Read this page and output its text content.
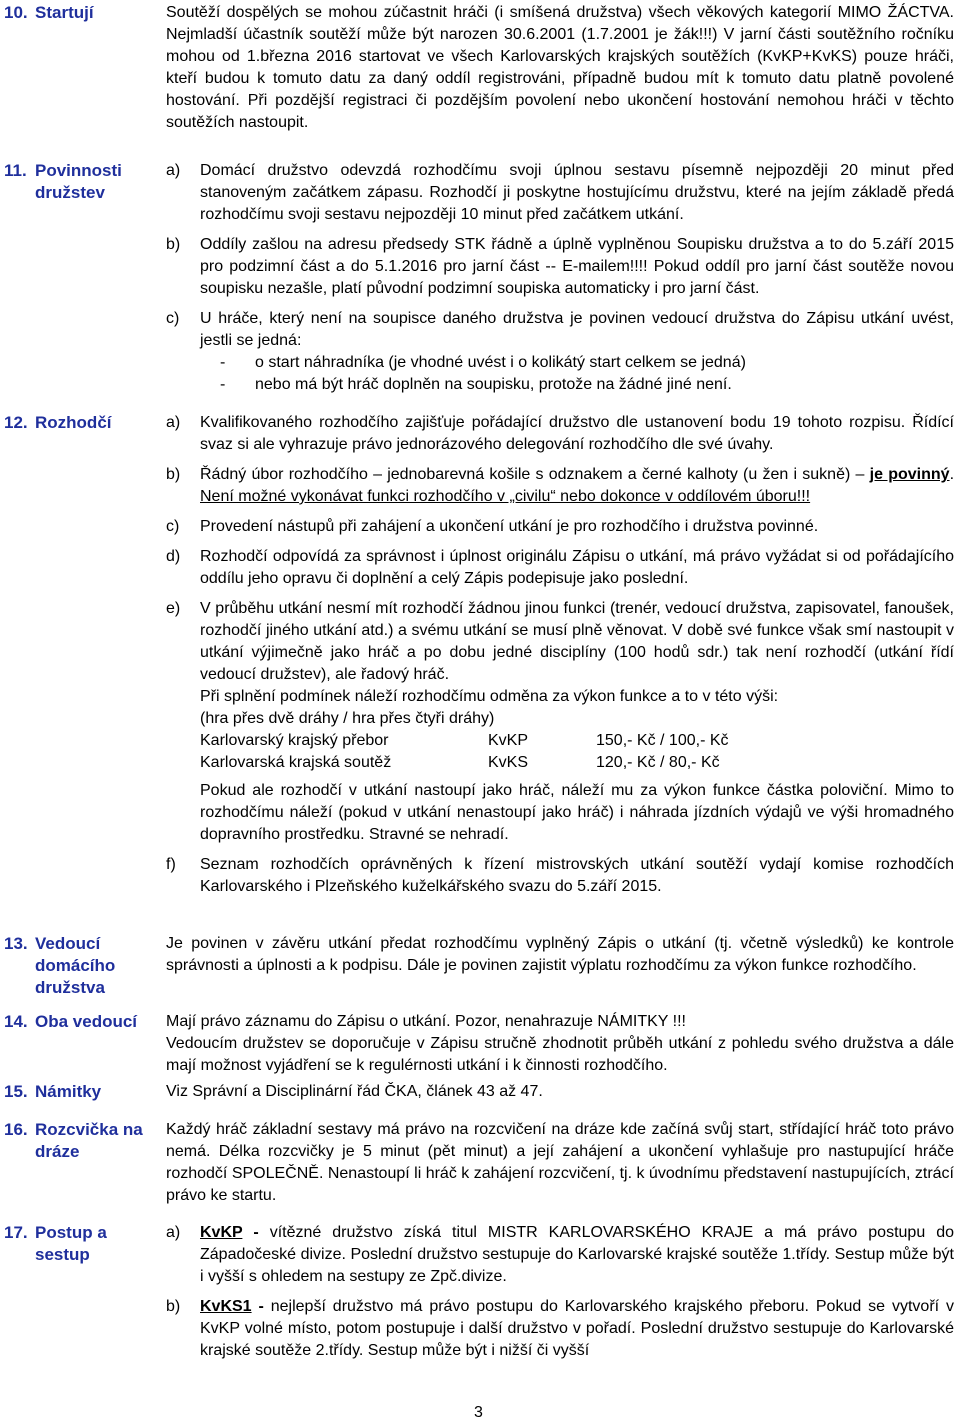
10. Startují	Soutěží dospělých se mohou zúčastnit hráči (i smíšená družstva) všech věkových kategorií MIMO ŽÁCTVA. Nejmladší účastník soutěží může být narozen 30.6.2001 (1.7.2001 je žák!!!) V jarní části soutěžního ročníku mohou od 1.března 2016 startovat ve všech Karlovarských krajských soutěžích (KvKP+KvKS) pouze hráči, kteří budou k tomuto datu za daný oddíl registrováni, případně budou mít k tomuto datu platně povolené hostování. Při pozdější registraci či pozdějším povolení nebo ukončení hostování nemohou hráči v těchto soutěžích nastoupit.
11. Povinnosti
družstev
a)	Domácí družstvo odevzdá rozhodčímu svoji úplnou sestavu písemně nejpozději 20 minut před stanoveným začátkem zápasu. Rozhodčí ji poskytne hostujícímu družstvu, které na jejím základě předá rozhodčímu svoji sestavu nejpozději 10 minut před začátkem utkání.
b)	Oddíly zašlou na adresu předsedy STK řádně a úplně vyplněnou Soupisku družstva a to do 5.září 2015 pro podzimní část a do 5.1.2016 pro jarní část -- E-mailem!!!! Pokud oddíl pro jarní část soutěže novou soupisku nezašle, platí původní podzimní soupiska automaticky i pro jarní část.
c)	U hráče, který není na soupisce daného družstva je povinen vedoucí družstva do Zápisu utkání uvést, jestli se jedná:
-	o start náhradníka (je vhodné uvést i o kolikátý start celkem se jedná)
-	nebo má být hráč doplněn na soupisku, protože na žádné jiné není.
12. Rozhodčí	a)	Kvalifikovaného rozhodčího zajišťuje pořádající družstvo dle ustanovení bodu 19 tohoto rozpisu. Řídící svaz si ale vyhrazuje právo jednorázového delegování rozhodčího dle své úvahy.
b)	Řádný úbor rozhodčího – jednobarevná košile s odznakem a černé kalhoty (u žen i sukně) – je povinný. Není možné vykonávat funkci rozhodčího v „civilu“ nebo dokonce v oddílovém úboru!!!
c)	Provedení nástupů při zahájení a ukončení utkání je pro rozhodčího i družstva povinné.
d)	Rozhodčí odpovídá za správnost i úplnost originálu Zápisu o utkání, má právo vyžádat si od pořádajícího oddílu jeho opravu či doplnění a celý Zápis podepisuje jako poslední.
e)	V průběhu utkání nesmí mít rozhodčí žádnou jinou funkci (trenér, vedoucí družstva, zapisovatel, fanoušek, rozhodčí jiného utkání atd.) a svému utkání se musí plně věnovat. V době své funkce však smí nastoupit v utkání výjimečně jako hráč a po dobu jedné disciplíny (100 hodů sdr.) tak není rozhodčí (utkání řídí vedoucí družstev), ale řadový hráč.
Při splnění podmínek náleží rozhodčímu odměna za výkon funkce a to v této výši:
(hra přes dvě dráhy / hra přes čtyři dráhy)
Karlovarský krajský přebor	KvKP	150,- Kč / 100,- Kč
Karlovarská krajská soutěž	KvKS	120,- Kč / 80,- Kč
Pokud ale rozhodčí v utkání nastoupí jako hráč, náleží mu za výkon funkce částka poloviční. Mimo to rozhodčímu náleží (pokud v utkání nenastoupí jako hráč) i náhrada jízdních výdajů ve výši hromadného dopravního prostředku. Stravné se nehradí.
f)	Seznam rozhodčích oprávněných k řízení mistrovských utkání soutěží vydají komise rozhodčích Karlovarského i Plzeňského kuželkářského svazu do 5.září 2015.
13. Vedoucí
domácího
družstva
Je povinen v závěru utkání předat rozhodčímu vyplněný Zápis o utkání (tj. včetně výsledků) ke kontrole správnosti a úplnosti a k podpisu. Dále je povinen zajistit výplatu rozhodčímu za výkon funkce rozhodčího.
14. Oba vedoucí	Mají právo záznamu do Zápisu o utkání. Pozor, nenahrazuje NÁMITKY !!!
Vedoucím družstev se doporučuje v Zápisu stručně zhodnotit průběh utkání z pohledu svého družstva a dále mají možnost vyjádření se k regulérnosti utkání i k činnosti rozhodčího.
15. Námitky	Viz Správní a Disciplinární řád ČKA, článek 43 až 47.
16. Rozcvička na
dráze
Každý hráč základní sestavy má právo na rozcvičení na dráze kde začíná svůj start, střídající hráč toto právo nemá. Délka rozcvičky je 5 minut (pět minut) a její zahájení a ukončení vyhlašuje pro nastupující hráče rozhodčí SPOLEČNĚ. Nenastoupí li hráč k zahájení rozcvičení, tj. k úvodnímu představení nastupujících, ztrácí právo ke startu.
17. Postup a
sestup
a)	KvKP - vítězné družstvo získá titul MISTR KARLOVARSKÉHO KRAJE a má právo postupu do Západočeské divize. Poslední družstvo sestupuje do Karlovarské krajské soutěže 1.třídy. Sestup může být i vyšší s ohledem na sestupy ze Zpč.divize.
b)	KvKS1 - nejlepší družstvo má právo postupu do Karlovarského krajského přeboru. Pokud se vytvoří v KvKP volné místo, potom postupuje i další družstvo v pořadí. Poslední družstvo sestupuje do Karlovarské krajské soutěže 2.třídy. Sestup může být i nižší či vyšší
3
